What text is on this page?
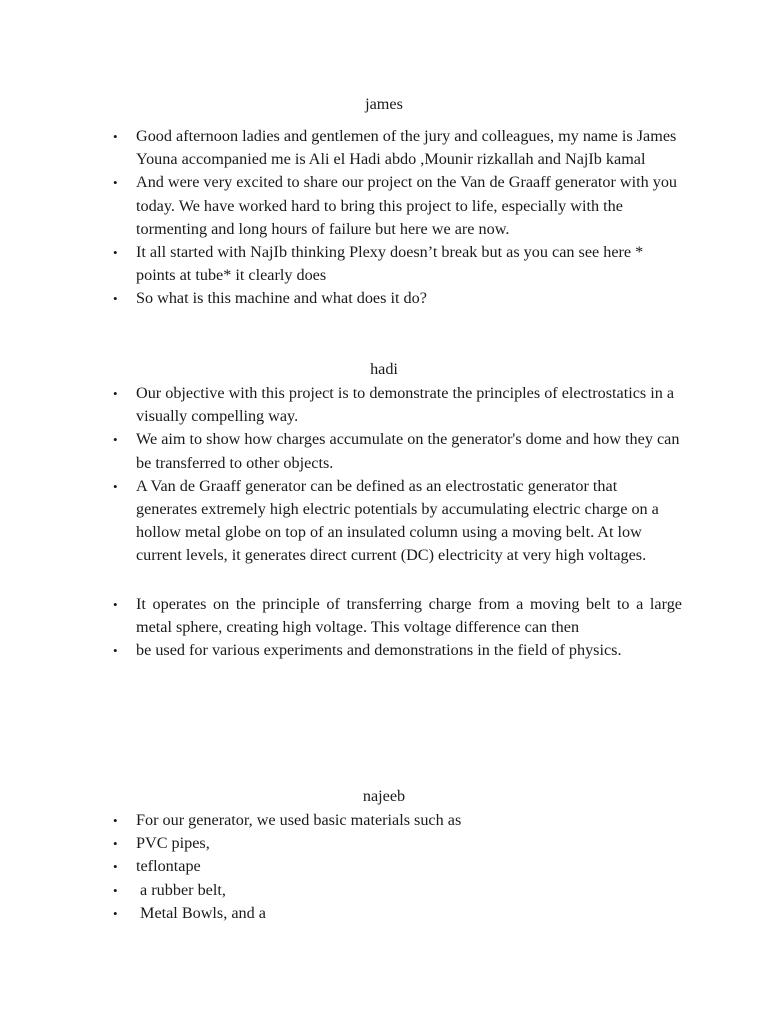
james
• Good afternoon ladies and gentlemen of the jury and colleagues, my name is James Youna accompanied me is Ali el Hadi abdo ,Mounir rizkallah and NajIb kamal
• And were very excited to share our project on the Van de Graaff generator with you today. We have worked hard to bring this project to life, especially with the tormenting and long hours of failure but here we are now.
• It all started with NajIb thinking Plexy doesn’t break but as you can see here * points at tube* it clearly does
• So what is this machine and what does it do?
hadi
• Our objective with this project is to demonstrate the principles of electrostatics in a visually compelling way.
• We aim to show how charges accumulate on the generator's dome and how they can be transferred to other objects.
• A Van de Graaff generator can be defined as an electrostatic generator that generates extremely high electric potentials by accumulating electric charge on a hollow metal globe on top of an insulated column using a moving belt. At low current levels, it generates direct current (DC) electricity at very high voltages.
• It operates on the principle of transferring charge from a moving belt to a large metal sphere, creating high voltage. This voltage difference can then
• be used for various experiments and demonstrations in the field of physics.
najeeb
• For our generator, we used basic materials such as
• PVC pipes,
• teflontape
• a rubber belt,
• Metal Bowls, and a
